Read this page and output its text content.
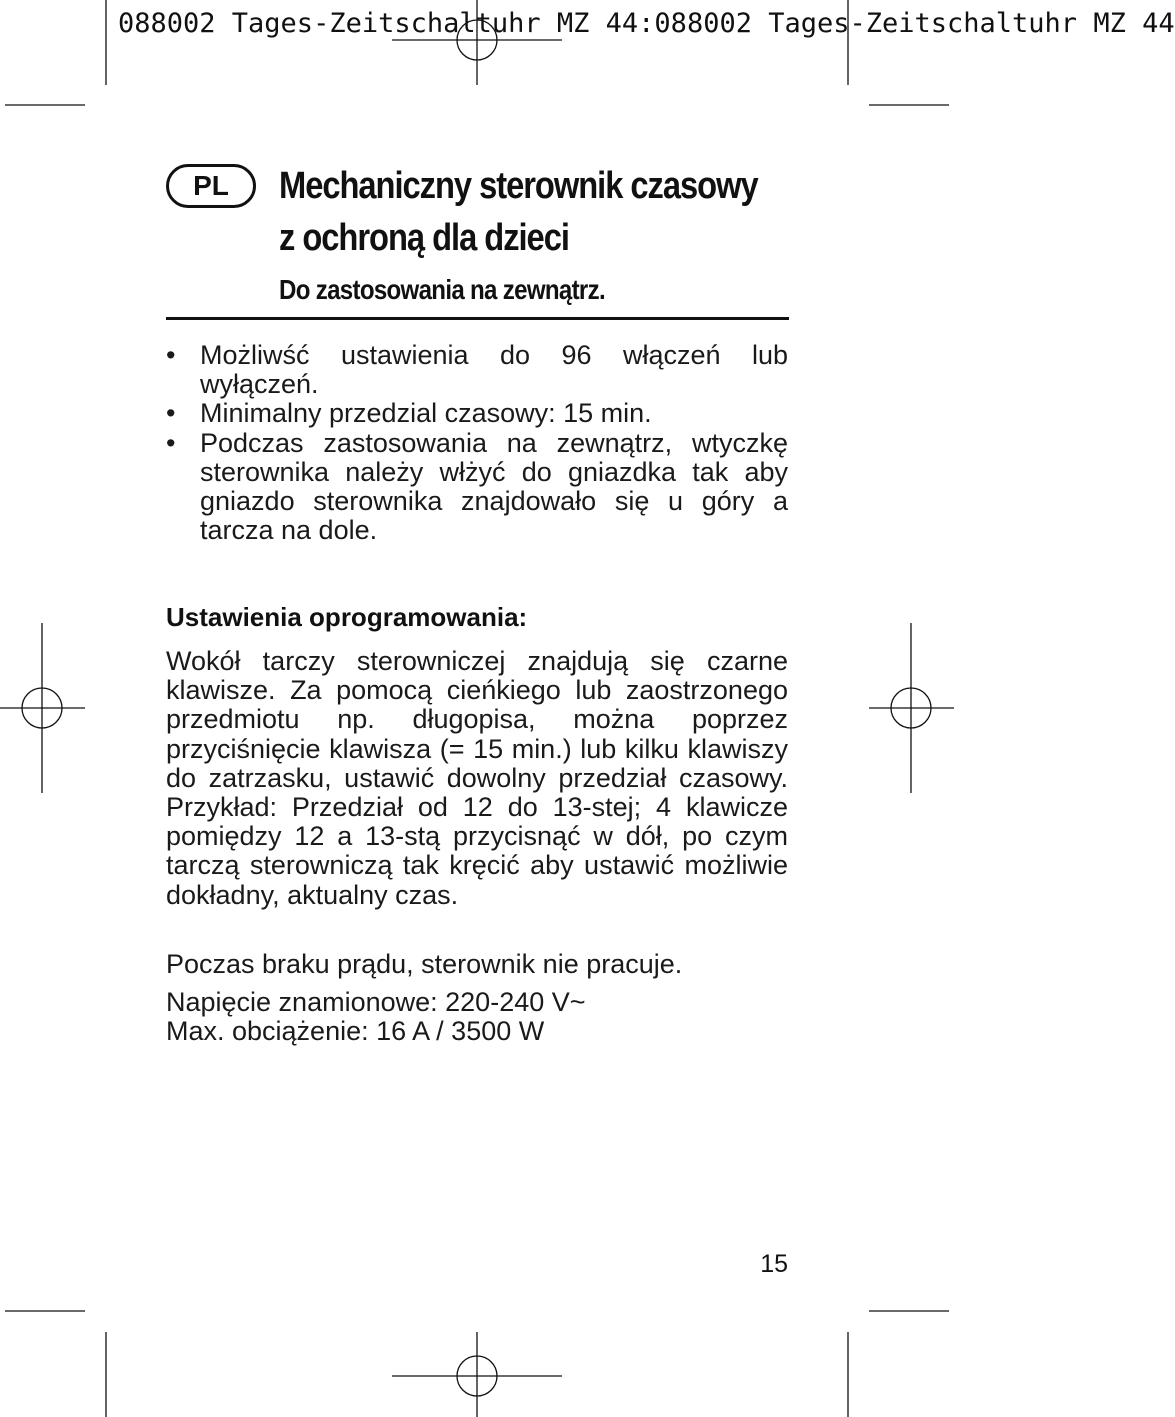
088002 Tages-Zeitschaltuhr MZ 44:088002 Tages-Zeitschaltuhr MZ 44
PL	Mechaniczny sterownik czasowy
z ochroną dla dzieci
Do zastosowania na zewnątrz.
• Możliwść ustawienia do 96 włączeń lub wyłączeń.
• Minimalny przedzial czasowy: 15 min.
• Podczas zastosowania na zewnątrz, wtyczkę sterownika należy włżyć do gniazdka tak aby gniazdo sterownika znajdowało się u góry a tarcza na dole.
Ustawienia oprogramowania:

Wokół tarczy sterowniczej znajdują się czarne klawisze. Za pomocą cieńkiego lub zaostrzonego przedmiotu np. długopisa, można poprzez przyciśnięcie klawisza (= 15 min.) lub kilku klawiszy do zatrzasku, ustawić dowolny przedział czasowy. Przykład: Przedział od 12 do 13-stej; 4 klawicze pomiędzy 12 a 13-stą przycisnąć w dół, po czym tarczą sterowniczą tak kręcić aby ustawić możliwie dokładny, aktualny czas.

Poczas braku prądu, sterownik nie pracuje.

Napięcie znamionowe: 220-240 V~

Max. obciążenie: 16 A / 3500 W

15
